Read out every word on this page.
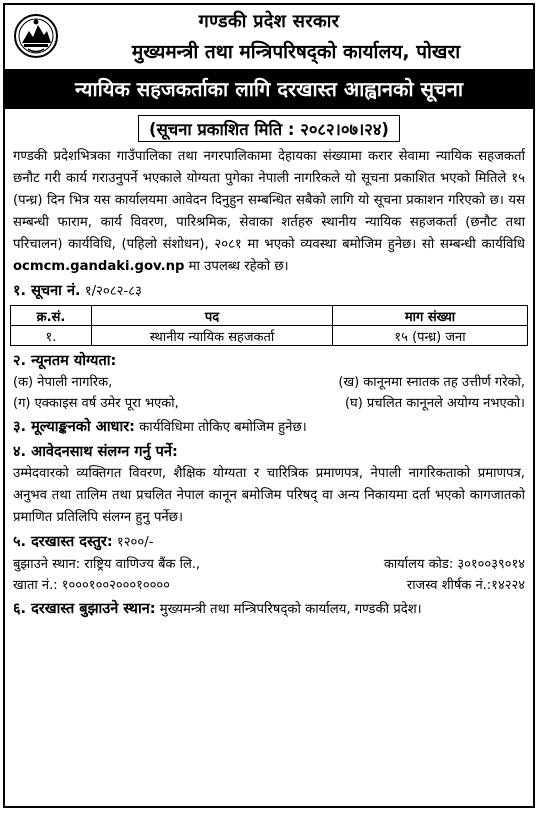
गण्डकी प्रदेश सरकार
मुख्यमन्त्री तथा मन्त्रिपरिषद्को कार्यालय, पोखरा
न्यायिक सहजकर्ताका लागि दरखास्त आह्वानको सूचना
(सूचना प्रकाशित मिति : २०८२।०७।२४)
गण्डकी प्रदेशभित्रका गाउँपालिका तथा नगरपालिकामा देहायका संख्यामा करार सेवामा न्यायिक सहजकर्ता छनौट गरी कार्य गराउनुपर्ने भएकाले योग्यता पुगेका नेपाली नागरिकले यो सूचना प्रकाशित भएको मितिले १५ (पन्ध्र) दिन भित्र यस कार्यालयमा आवेदन दिनुहुन सम्बन्धित सबैको लागि यो सूचना प्रकाशन गरिएको छ। यस सम्बन्धी फाराम, कार्य विवरण, पारिश्रमिक, सेवाका शर्तहरु स्थानीय न्यायिक सहजकर्ता (छनौट तथा परिचालन) कार्यविधि, (पहिलो संशोधन), २०८१ मा भएको व्यवस्था बमोजिम हुनेछ। सो सम्बन्धी कार्यविधि ocmcm.gandaki.gov.np मा उपलब्ध रहेको छ।
१. सूचना नं. १/२०८२-८३
क्र.सं.	पद	माग संख्या
१.	स्थानीय न्यायिक सहजकर्ता	१५ (पन्ध्र) जना
२. न्यूनतम योग्यता:
(क) नेपाली नागरिक,	(ख) कानूनमा स्नातक तह उत्तीर्ण गरेको,
(ग) एक्काइस वर्ष उमेर पूरा भएको,	(घ) प्रचलित कानूनले अयोग्य नभएको।
३. मूल्याङ्कनको आधार: कार्यविधिमा तोकिए बमोजिम हुनेछ।
४. आवेदनसाथ संलग्न गर्नु पर्ने:
उम्मेदवारको व्यक्तिगत विवरण, शैक्षिक योग्यता र चारित्रिक प्रमाणपत्र, नेपाली नागरिकताको प्रमाणपत्र, अनुभव तथा तालिम तथा प्रचलित नेपाल कानून बमोजिम परिषद् वा अन्य निकायमा दर्ता भएको कागजातको प्रमाणित प्रतिलिपि संलग्न हुनु पर्नेछ।
५. दरखास्त दस्तुर: १२००/-
बुझाउने स्थान: राष्ट्रिय वाणिज्य बैंक लि.,	कार्यालय कोड: ३०१००३९०१४
खाता नं.: १०००१००२०००१००००	राजस्व शीर्षक नं.:१४२२४
६. दरखास्त बुझाउने स्थान: मुख्यमन्त्री तथा मन्त्रिपरिषद्को कार्यालय, गण्डकी प्रदेश।
